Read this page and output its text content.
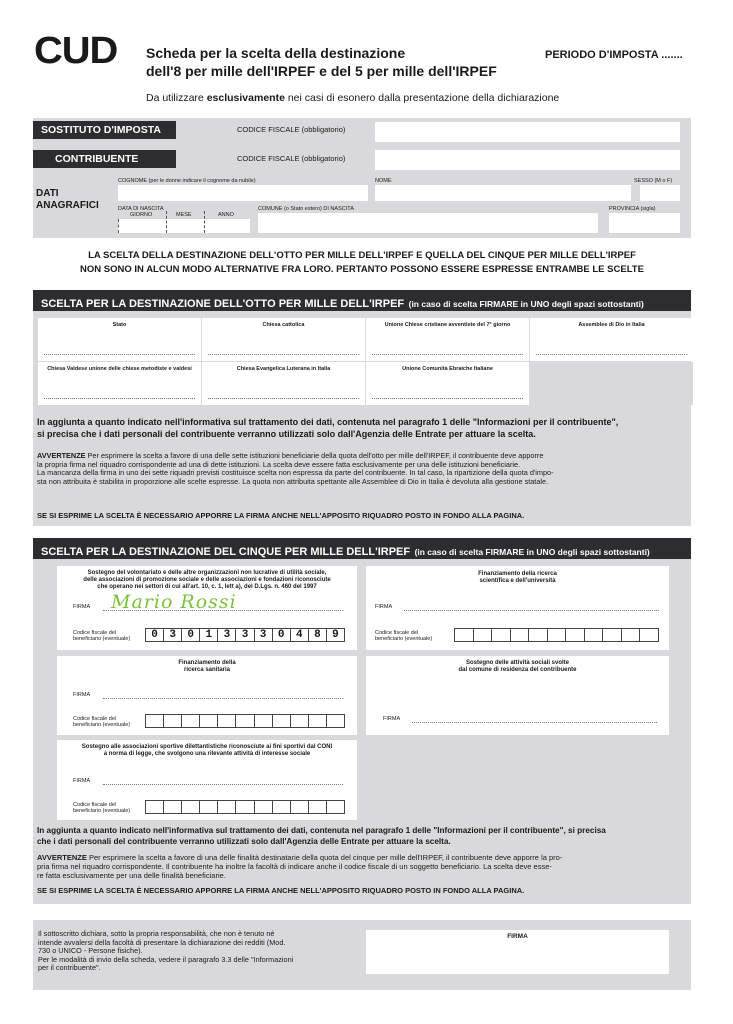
CUD Scheda per la scelta della destinazione
dell'8 per mille dell'IRPEF e del 5 per mille dell'IRPEF
PERIODO D'IMPOSTA .......
Da utilizzare esclusivamente nei casi di esonero dalla presentazione della dichiarazione
SOSTITUTO D'IMPOSTA	CODICE FISCALE (obbligatorio)
CONTRIBUENTE	CODICE FISCALE (obbligatorio)
DATI
ANAGRAFICI
COGNOME (per le donne indicare il cognome da nubile)	NOME	SESSO (M o F)
DATA DI NASCITA
GIORNO	MESE	ANNO
COMUNE (o Stato estero) DI NASCITA	PROVINCIA (sigla)
LA SCELTA DELLA DESTINAZIONE DELL'OTTO PER MILLE DELL'IRPEF E QUELLA DEL CINQUE PER MILLE DELL'IRPEF
NON SONO IN ALCUN MODO ALTERNATIVE FRA LORO. PERTANTO POSSONO ESSERE ESPRESSE ENTRAMBE LE SCELTE
SCELTA PER LA DESTINAZIONE DELL'OTTO PER MILLE DELL'IRPEF (in caso di scelta FIRMARE in UNO degli spazi sottostanti)
Stato	Chiesa cattolica	Unione Chiese cristiane avventiste del 7° giorno	Assemblee di Dio in Italia
Chiesa Valdese unione delle chiese metodiste e valdesi	Chiesa Evangelica Luterana in Italia	Unione Comunità Ebraiche Italiane
In aggiunta a quanto indicato nell'informativa sul trattamento dei dati, contenuta nel paragrafo 1 delle "Informazioni per il contribuente",
si precisa che i dati personali del contribuente verranno utilizzati solo dall'Agenzia delle Entrate per attuare la scelta.
AVVERTENZE Per esprimere la scelta a favore di una delle sette istituzioni beneficiarie della quota dell'otto per mille dell'IRPEF, il contribuente deve apporre
la propria firma nel riquadro corrispondente ad una di dette istituzioni. La scelta deve essere fatta esclusivamente per una delle istituzioni beneficiarie.
La mancanza della firma in uno dei sette riquadri previsti costituisce scelta non espressa da parte del contribuente. In tal caso, la ripartizione della quota d'impo-
sta non attribuita è stabilita in proporzione alle scelte espresse. La quota non attribuita spettante alle Assemblee di Dio in Italia è devoluta alla gestione statale.
SE SI ESPRIME LA SCELTA È NECESSARIO APPORRE LA FIRMA ANCHE NELL'APPOSITO RIQUADRO POSTO IN FONDO ALLA PAGINA.
SCELTA PER LA DESTINAZIONE DEL CINQUE PER MILLE DELL'IRPEF (in caso di scelta FIRMARE in UNO degli spazi sottostanti)
Sostegno del volontariato e delle altre organizzazioni non lucrative di utilità sociale,
delle associazioni di promozione sociale e delle associazioni e fondazioni riconosciute
che operano nei settori di cui all'art. 10, c. 1, lett a), del D.Lgs. n. 460 del 1997
FIRMA Mario Rossi
Codice fiscale del
beneficiario (eventuale)	0	3	0	1	3	3	3	0	4	8	9
Finanziamento della ricerca
scientifica e dell'università
FIRMA
Codice fiscale del
beneficiario (eventuale)
Finanziamento della
ricerca sanitaria
FIRMA
Codice fiscale del
beneficiario (eventuale)
Sostegno delle attività sociali svolte
dal comune di residenza del contribuente
FIRMA
Sostegno alle associazioni sportive dilettantistiche riconosciute ai fini sportivi dal CONI
a norma di legge, che svolgono una rilevante attività di interesse sociale
FIRMA
Codice fiscale del
beneficiario (eventuale)
In aggiunta a quanto indicato nell'informativa sul trattamento dei dati, contenuta nel paragrafo 1 delle "Informazioni per il contribuente", si precisa
che i dati personali del contribuente verranno utilizzati solo dall'Agenzia delle Entrate per attuare la scelta.
AVVERTENZE Per esprimere la scelta a favore di una delle finalità destinatarie della quota del cinque per mille dell'IRPEF, il contribuente deve apporre la pro-
pria firma nel riquadro corrispondente. Il contribuente ha inoltre la facoltà di indicare anche il codice fiscale di un soggetto beneficiario. La scelta deve esse-
re fatta esclusivamente per una delle finalità beneficiarie.
SE SI ESPRIME LA SCELTA È NECESSARIO APPORRE LA FIRMA ANCHE NELL'APPOSITO RIQUADRO POSTO IN FONDO ALLA PAGINA.
Il sottoscritto dichiara, sotto la propria responsabilità, che non è tenuto né
intende avvalersi della facoltà di presentare la dichiarazione dei redditi (Mod.
730 o UNICO - Persone fisiche).
Per le modalità di invio della scheda, vedere il paragrafo 3.3 delle "Informazioni
per il contribuente".
FIRMA
